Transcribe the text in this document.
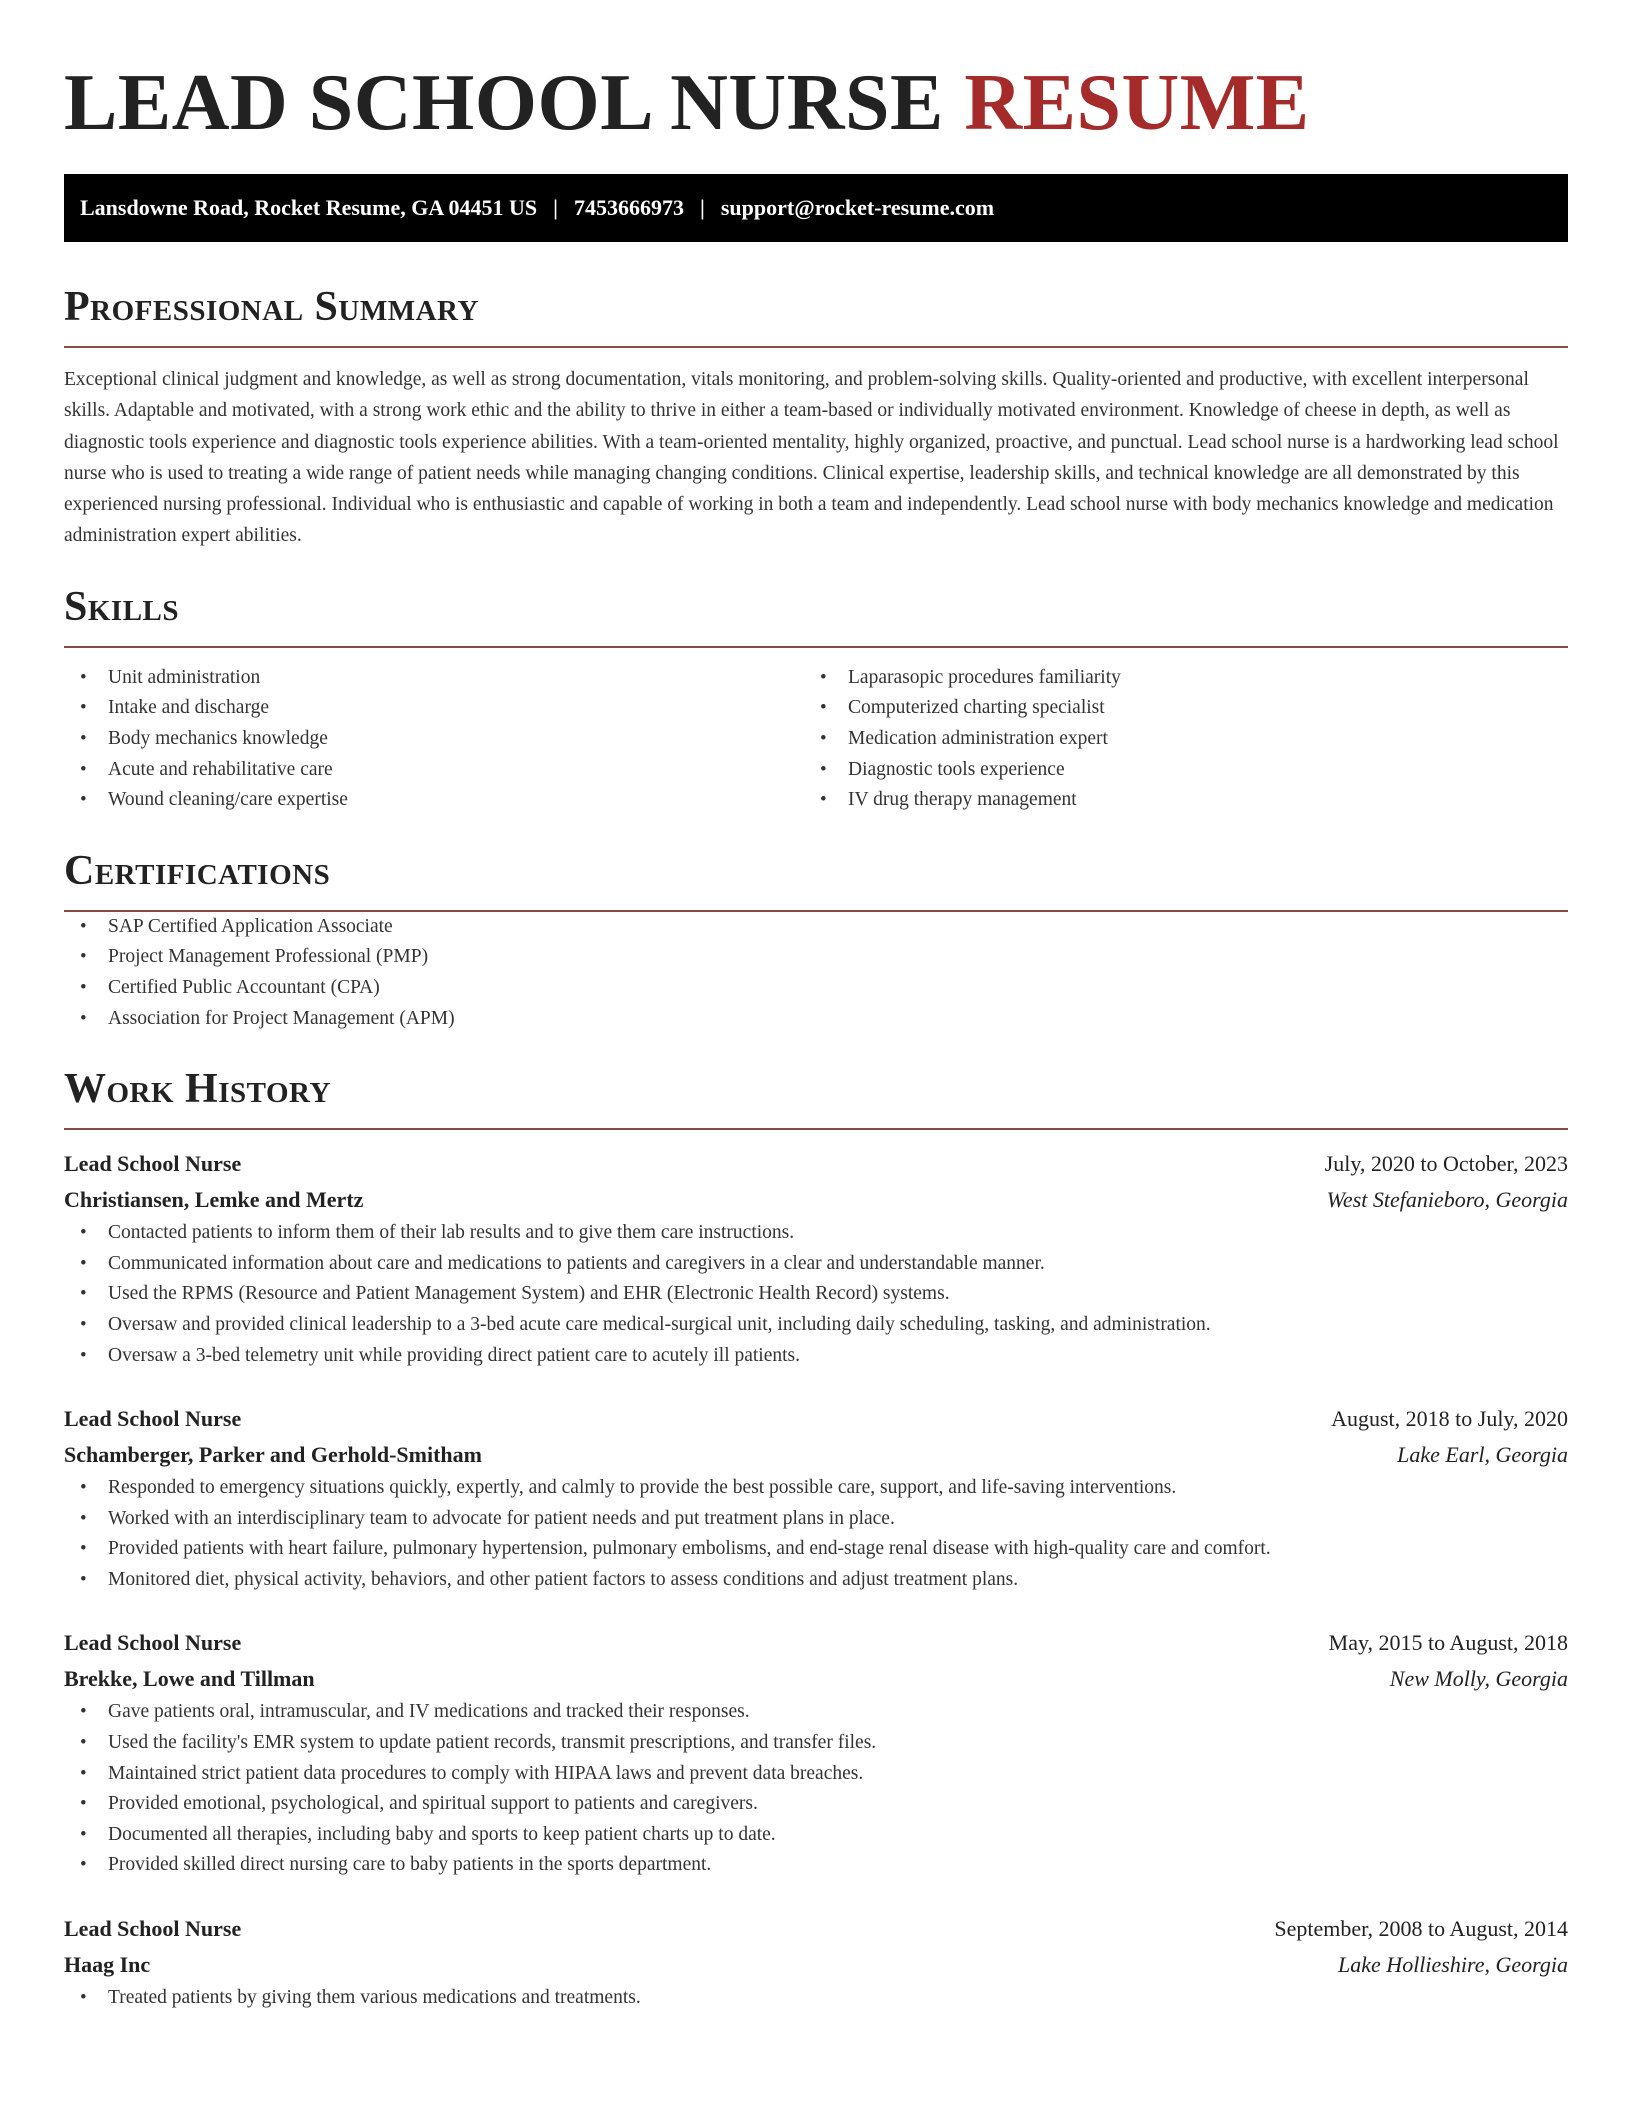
LEAD SCHOOL NURSE RESUME
Lansdowne Road, Rocket Resume, GA 04451 US | 7453666973 | support@rocket-resume.com
Professional Summary

Exceptional clinical judgment and knowledge, as well as strong documentation, vitals monitoring, and problem-solving skills. Quality-oriented and productive, with excellent interpersonal skills. Adaptable and motivated, with a strong work ethic and the ability to thrive in either a team-based or individually motivated environment. Knowledge of cheese in depth, as well as diagnostic tools experience and diagnostic tools experience abilities. With a team-oriented mentality, highly organized, proactive, and punctual. Lead school nurse is a hardworking lead school nurse who is used to treating a wide range of patient needs while managing changing conditions. Clinical expertise, leadership skills, and technical knowledge are all demonstrated by this experienced nursing professional. Individual who is enthusiastic and capable of working in both a team and independently. Lead school nurse with body mechanics knowledge and medication administration expert abilities.

Skills
• Unit administration
• Intake and discharge
• Body mechanics knowledge
• Acute and rehabilitative care
• Wound cleaning/care expertise
• Laparasopic procedures familiarity
• Computerized charting specialist
• Medication administration expert
• Diagnostic tools experience
• IV drug therapy management
Certifications
• SAP Certified Application Associate
• Project Management Professional (PMP)
• Certified Public Accountant (CPA)
• Association for Project Management (APM)
Work History
Lead School Nurse	July, 2020 to October, 2023
Christiansen, Lemke and Mertz	West Stefanieboro, Georgia
• Contacted patients to inform them of their lab results and to give them care instructions.
• Communicated information about care and medications to patients and caregivers in a clear and understandable manner.
• Used the RPMS (Resource and Patient Management System) and EHR (Electronic Health Record) systems.
• Oversaw and provided clinical leadership to a 3-bed acute care medical-surgical unit, including daily scheduling, tasking, and administration.
• Oversaw a 3-bed telemetry unit while providing direct patient care to acutely ill patients.
Lead School Nurse	August, 2018 to July, 2020
Schamberger, Parker and Gerhold-Smitham	Lake Earl, Georgia
• Responded to emergency situations quickly, expertly, and calmly to provide the best possible care, support, and life-saving interventions.
• Worked with an interdisciplinary team to advocate for patient needs and put treatment plans in place.
• Provided patients with heart failure, pulmonary hypertension, pulmonary embolisms, and end-stage renal disease with high-quality care and comfort.
• Monitored diet, physical activity, behaviors, and other patient factors to assess conditions and adjust treatment plans.
Lead School Nurse	May, 2015 to August, 2018
Brekke, Lowe and Tillman	New Molly, Georgia
• Gave patients oral, intramuscular, and IV medications and tracked their responses.
• Used the facility's EMR system to update patient records, transmit prescriptions, and transfer files.
• Maintained strict patient data procedures to comply with HIPAA laws and prevent data breaches.
• Provided emotional, psychological, and spiritual support to patients and caregivers.
• Documented all therapies, including baby and sports to keep patient charts up to date.
• Provided skilled direct nursing care to baby patients in the sports department.
Lead School Nurse	September, 2008 to August, 2014
Haag Inc	Lake Hollieshire, Georgia
• Treated patients by giving them various medications and treatments.
